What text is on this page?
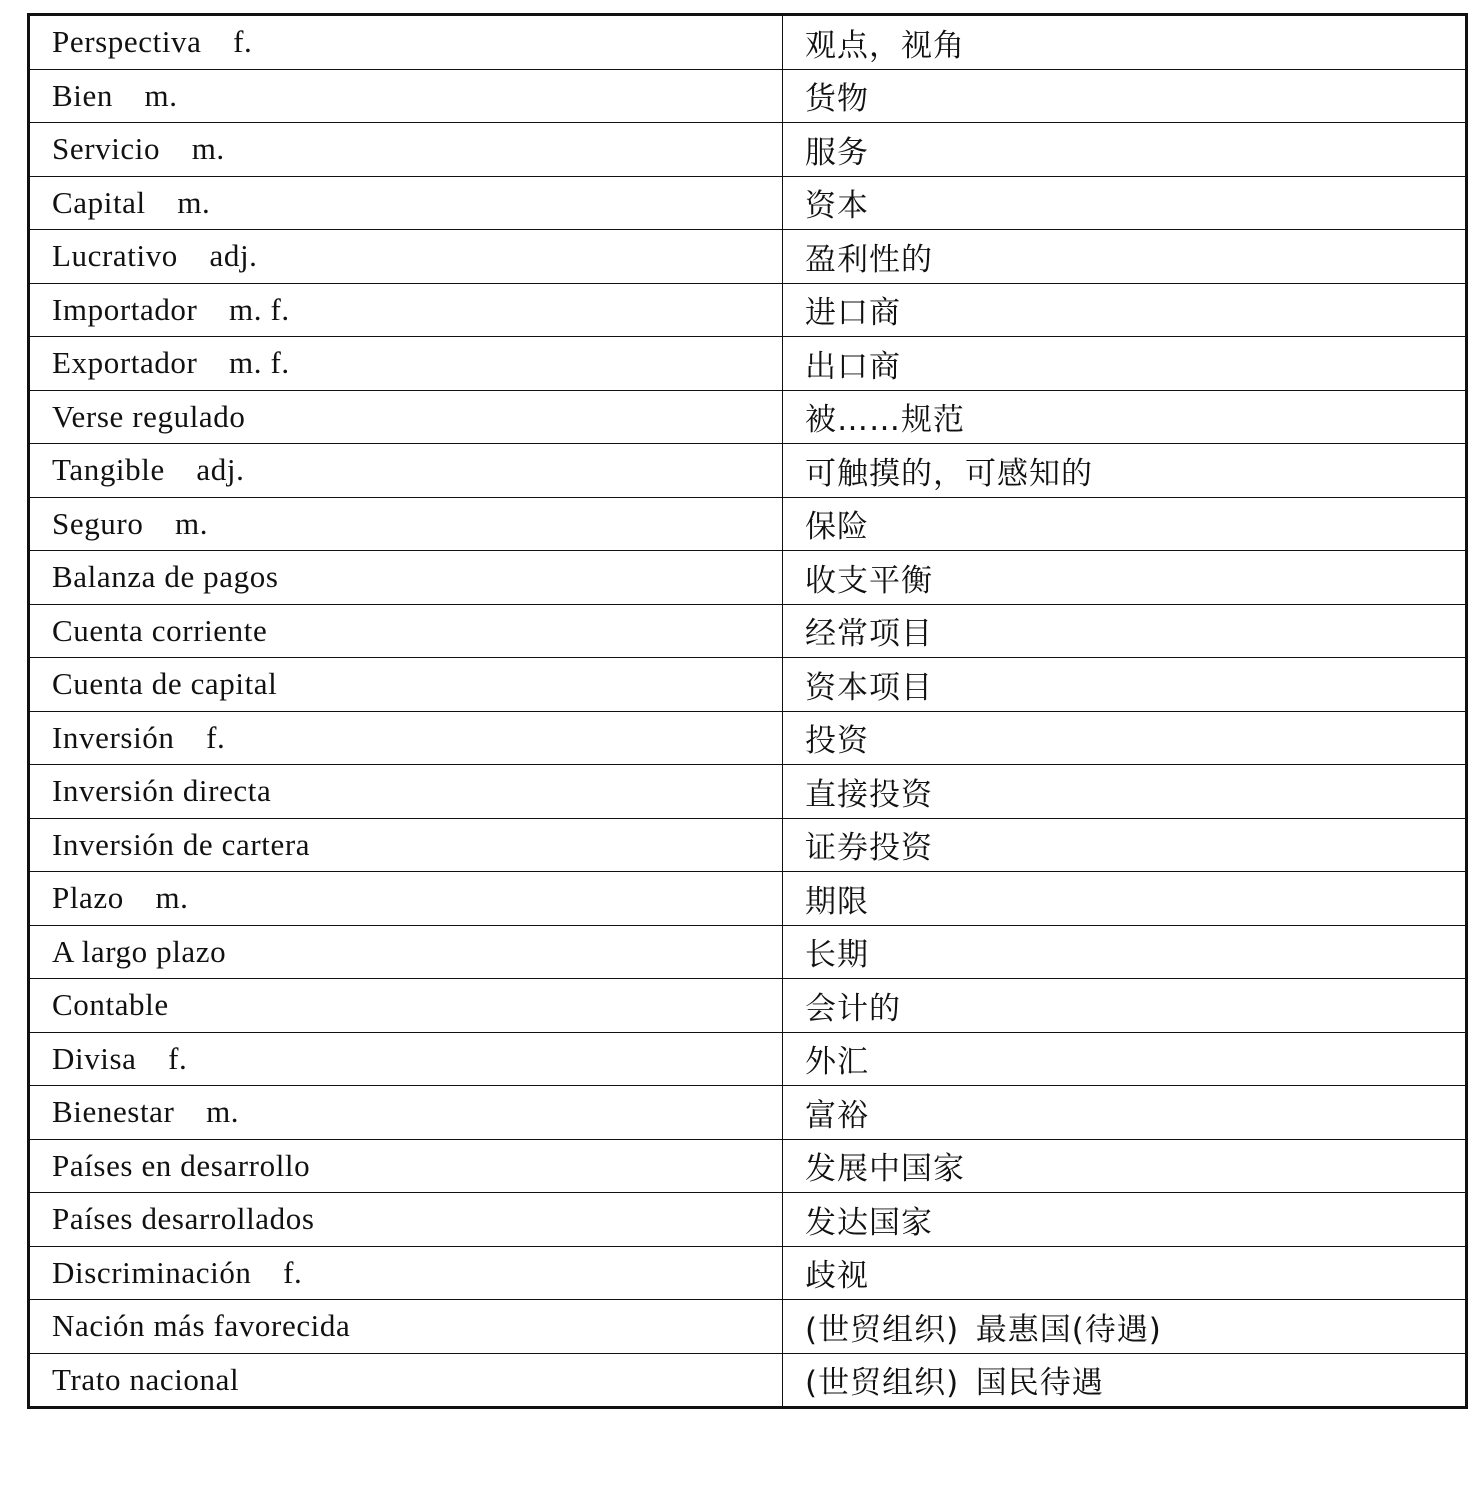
Perspectiva f.	观点，视角
Bien m.	货物
Servicio m.	服务
Capital m.	资本
Lucrativo adj.	盈利性的
Importador m. f.	进口商
Exportador m. f.	出口商
Verse regulado	被……规范
Tangible adj.	可触摸的，可感知的
Seguro m.	保险
Balanza de pagos	收支平衡
Cuenta corriente	经常项目
Cuenta de capital	资本项目
Inversión f.	投资
Inversión directa	直接投资
Inversión de cartera	证券投资
Plazo m.	期限
A largo plazo	长期
Contable	会计的
Divisa f.	外汇
Bienestar m.	富裕
Países en desarrollo	发展中国家
Países desarrollados	发达国家
Discriminación f.	歧视
Nación más favorecida	(世贸组织) 最惠国(待遇)
Trato nacional	(世贸组织) 国民待遇
